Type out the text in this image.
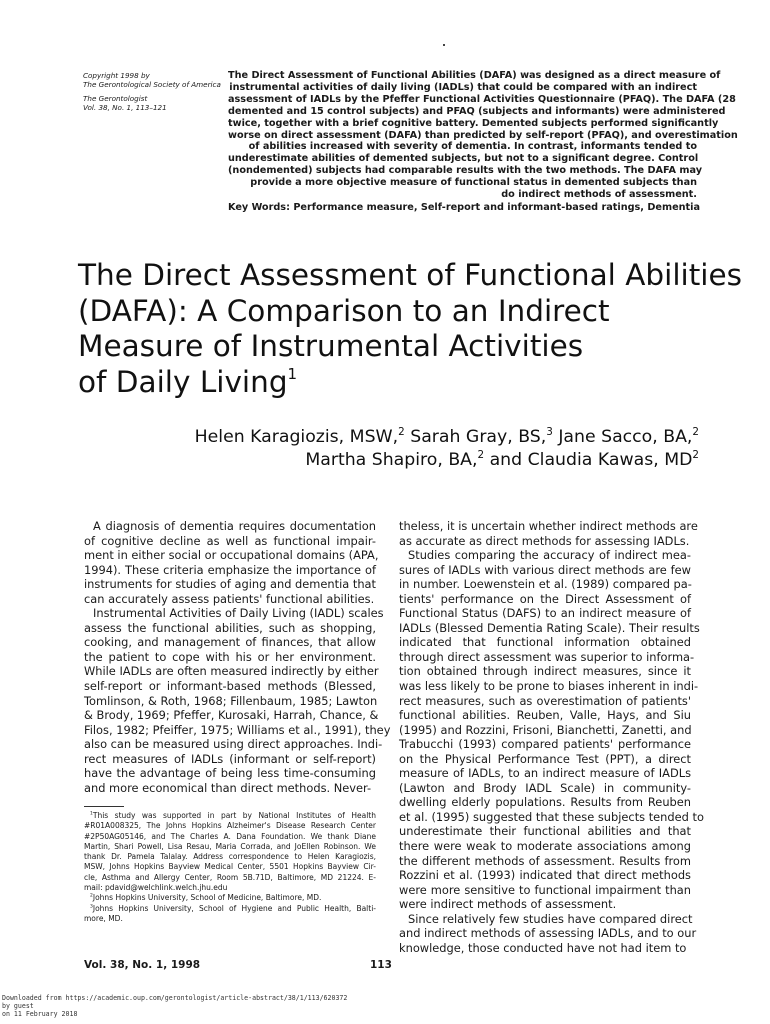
Copyright 1998 by
The Gerontological Society of America
The Gerontologist
Vol. 38, No. 1, 113–121
The Direct Assessment of Functional Abilities (DAFA) was designed as a direct measure of
instrumental activities of daily living (IADLs) that could be compared with an indirect
assessment of IADLs by the Pfeffer Functional Activities Questionnaire (PFAQ). The DAFA (28
demented and 15 control subjects) and PFAQ (subjects and informants) were administered
twice, together with a brief cognitive battery. Demented subjects performed significantly
worse on direct assessment (DAFA) than predicted by self-report (PFAQ), and overestimation
of abilities increased with severity of dementia. In contrast, informants tended to
underestimate abilities of demented subjects, but not to a significant degree. Control
(nondemented) subjects had comparable results with the two methods. The DAFA may
provide a more objective measure of functional status in demented subjects than
do indirect methods of assessment.
Key Words: Performance measure, Self-report and informant-based ratings, Dementia
The Direct Assessment of Functional Abilities
(DAFA): A Comparison to an Indirect
Measure of Instrumental Activities
of Daily Living$^1$
Helen Karagiozis, MSW,$^2$ Sarah Gray, BS,$^3$ Jane Sacco, BA,$^2$
Martha Shapiro, BA,$^2$ and Claudia Kawas, $MD^2$
A diagnosis of dementia requires documentation
of cognitive decline as well as functional impair-
ment in either social or occupational domains (APA,
1994). These criteria emphasize the importance of
instruments for studies of aging and dementia that
can accurately assess patients' functional abilities.
Instrumental Activities of Daily Living (IADL) scales
assess the functional abilities, such as shopping,
cooking, and management of finances, that allow
the patient to cope with his or her environment.
While IADLs are often measured indirectly by either
self-report or informant-based methods (Blessed,
Tomlinson, & Roth, 1968; Fillenbaum, 1985; Lawton
& Brody, 1969; Pfeffer, Kurosaki, Harrah, Chance, &
Filos, 1982; Pfeiffer, 1975; Williams et al., 1991), they
also can be measured using direct approaches. Indi-
rect measures of IADLs (informant or self-report)
have the advantage of being less time-consuming
and more economical than direct methods. Never-
theless, it is uncertain whether indirect methods are
as accurate as direct methods for assessing IADLs.
Studies comparing the accuracy of indirect mea-
sures of IADLs with various direct methods are few
in number. Loewenstein et al. (1989) compared pa-
tients' performance on the Direct Assessment of
Functional Status (DAFS) to an indirect measure of
IADLs (Blessed Dementia Rating Scale). Their results
indicated that functional information obtained
through direct assessment was superior to informa-
tion obtained through indirect measures, since it
was less likely to be prone to biases inherent in indi-
rect measures, such as overestimation of patients'
functional abilities. Reuben, Valle, Hays, and Siu
(1995) and Rozzini, Frisoni, Bianchetti, Zanetti, and
Trabucchi (1993) compared patients' performance
on the Physical Performance Test (PPT), a direct
measure of IADLs, to an indirect measure of IADLs
(Lawton and Brody IADL Scale) in community-
dwelling elderly populations. Results from Reuben
et al. (1995) suggested that these subjects tended to
underestimate their functional abilities and that
there were weak to moderate associations among
the different methods of assessment. Results from
Rozzini et al. (1993) indicated that direct methods
were more sensitive to functional impairment than
were indirect methods of assessment.
Since relatively few studies have compared direct
and indirect methods of assessing IADLs, and to our
knowledge, those conducted have not had item to
$^1$This study was supported in part by National Institutes of Health
#R01A008325, The Johns Hopkins Alzheimer's Disease Research Center
#2P50AG05146, and The Charles A. Dana Foundation. We thank Diane
Martin, Shari Powell, Lisa Resau, Maria Corrada, and JoEllen Robinson. We
thank Dr. Pamela Talalay. Address correspondence to Helen Karagiozis,
MSW, Johns Hopkins Bayview Medical Center, 5501 Hopkins Bayview Cir-
cle, Asthma and Allergy Center, Room 5B.71D, Baltimore, MD 21224. E-
mail: pdavid@welchlink.welch.jhu.edu
$^2$Johns Hopkins University, School of Medicine, Baltimore, MD.
$^3$Johns Hopkins University, School of Hygiene and Public Health, Balti-
more, MD.
Vol. 38, No. 1, 1998	113
Downloaded from https://academic.oup.com/gerontologist/article-abstract/38/1/113/620372
by guest
on 11 February 2018
